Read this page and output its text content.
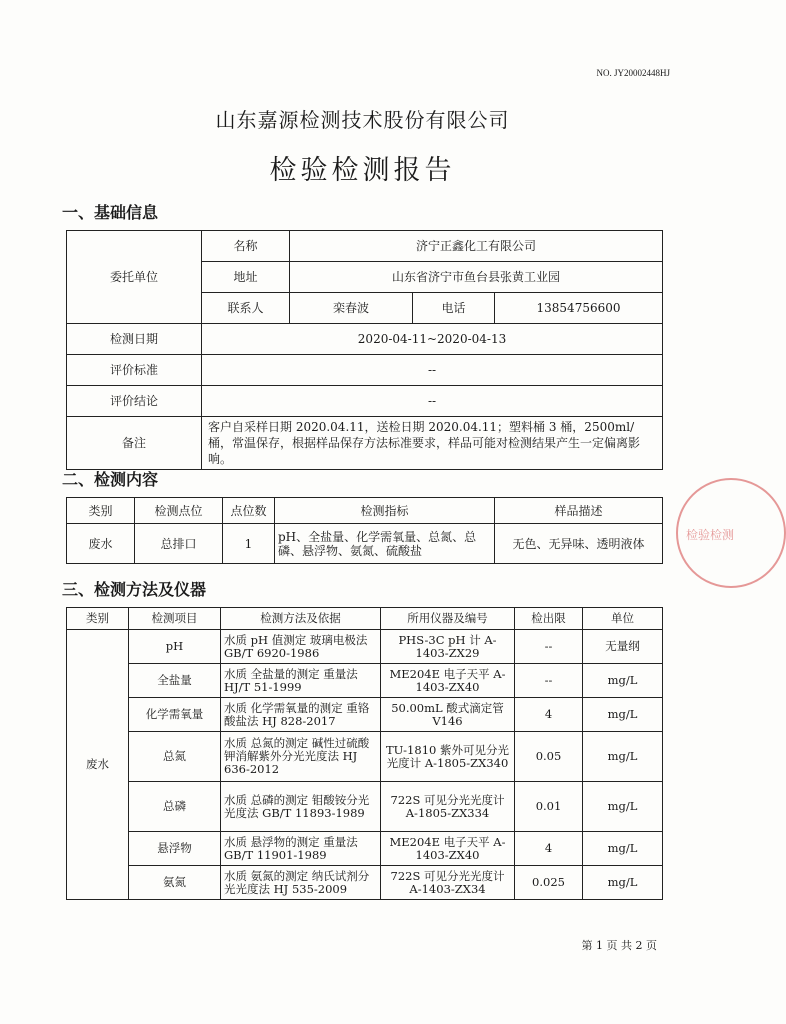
NO. JY20002448HJ
山东嘉源检测技术股份有限公司
检验检测报告
一、基础信息
委托单位	名称	济宁正鑫化工有限公司		
	地址	山东省济宁市鱼台县张黄工业园		
	联系人	栾春波	电话	13854756600
检测日期	2020-04-11~2020-04-13			
评价标准	--			
评价结论	--			
备注	客户自采样日期 2020.04.11，送检日期 2020.04.11；塑料桶 3 桶，2500ml/桶，常温保存，根据样品保存方法标准要求，样品可能对检测结果产生一定偏离影响。			
二、检测内容
类别	检测点位	点位数	检测指标	样品描述
废水	总排口	1	pH、全盐量、化学需氧量、总氮、总磷、悬浮物、氨氮、硫酸盐	无色、无异味、透明液体
三、检测方法及仪器
类别	检测项目	检测方法及依据	所用仪器及编号	检出限	单位
废水	pH	水质 pH 值测定 玻璃电极法 GB/T 6920-1986	PHS-3C pH 计 A-1403-ZX29	--	无量纲
	全盐量	水质 全盐量的测定 重量法 HJ/T 51-1999	ME204E 电子天平 A-1403-ZX40	--	mg/L
	化学需氧量	水质 化学需氧量的测定 重铬酸盐法 HJ 828-2017	50.00mL 酸式滴定管 V146	4	mg/L
	总氮	水质 总氮的测定 碱性过硫酸钾消解紫外分光光度法 HJ 636-2012	TU-1810 紫外可见分光光度计 A-1805-ZX340	0.05	mg/L
	总磷	水质 总磷的测定 钼酸铵分光光度法 GB/T 11893-1989	722S 可见分光光度计 A-1805-ZX334	0.01	mg/L
	悬浮物	水质 悬浮物的测定 重量法 GB/T 11901-1989	ME204E 电子天平 A-1403-ZX40	4	mg/L
	氨氮	水质 氨氮的测定 纳氏试剂分光光度法 HJ 535-2009	722S 可见分光光度计 A-1403-ZX34	0.025	mg/L
第 1 页 共 2 页
检验检测
